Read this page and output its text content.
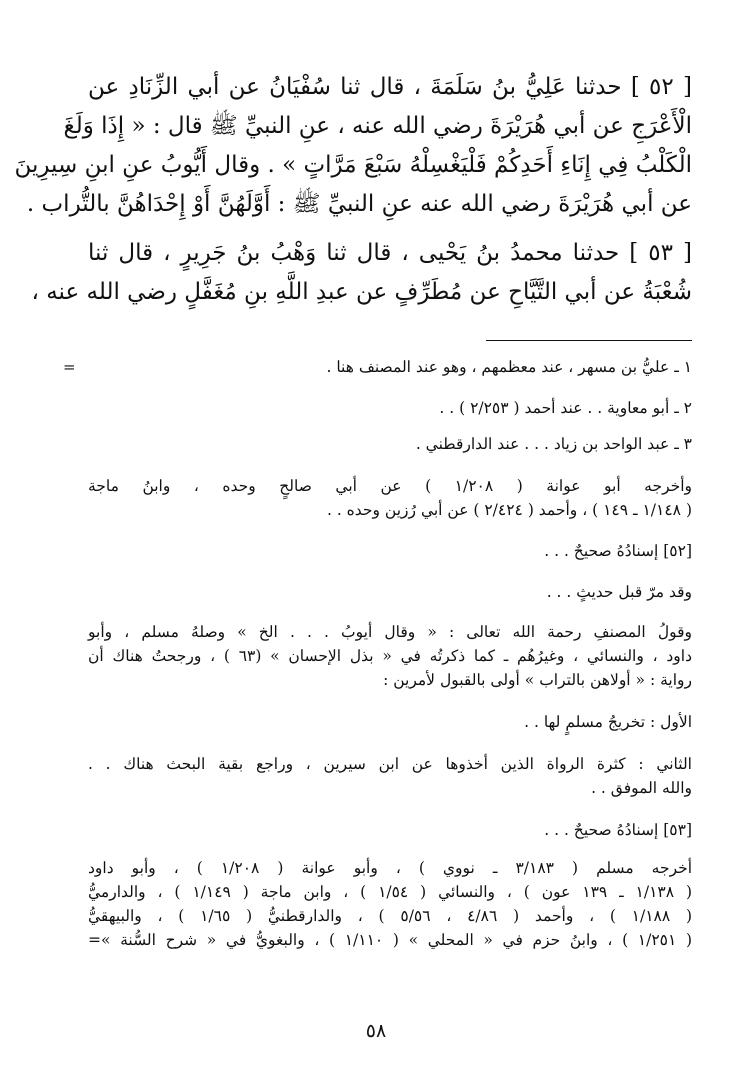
[ ٥٢ ] حدثنا عَلِيُّ بنُ سَلَمَةَ ، قال ثنا سُفْيَانُ عن أبي الزِّنَادِ عن
الْأَعْرَجِ عن أبي هُرَيْرَةَ رضي الله عنه ، عنِ النبيِّ ﷺ قال : « إِذَا وَلَغَ
الْكَلْبُ فِي إِنَاءِ أَحَدِكُمْ فَلْيَغْسِلْهُ سَبْعَ مَرَّاتٍ » . وقال أَيُّوبُ عنِ ابنِ سِيرِينَ
عن أبي هُرَيْرَةَ رضي الله عنه عنِ النبيِّ ﷺ : أَوَّلَهُنَّ أَوْ إِحْدَاهُنَّ بالتُّراب .
[ ٥٣ ] حدثنا محمدُ بنُ يَحْيى ، قال ثنا وَهْبُ بنُ جَرِيرٍ ، قال ثنا
شُعْبَةُ عن أبي التَّيَّاحِ عن مُطَرِّفٍ عن عبدِ اللَّهِ بنِ مُغَفَّلٍ رضي الله عنه ،
=	١ ـ عليُّ بن مسهر ، عند معظمهم ، وهو عند المصنف هنا .
٢ ـ أبو معاوية . . عند أحمد ( ٢/٢٥٣ ) . .
٣ ـ عبد الواحد بن زياد . . . عند الدارقطني .
وأخرجه أبو عوانة ( ١/٢٠٨ ) عن أبي صالحٍ وحده ، وابنُ ماجة
( ١/١٤٨ ـ ١٤٩ ) ، وأحمد ( ٢/٤٢٤ ) عن أبي رُزين وحده . .
[٥٢] إسنادُهُ صحيحٌ . . .
وقد مرّ قبل حديثٍ . . .
وقولُ المصنفِ رحمة الله تعالى : « وقال أيوبُ . . . الخ » وصلهُ مسلم ، وأبو
داود ، والنسائي ، وغيرُهُم ـ كما ذكرتُه في « بذل الإحسان » (٦٣ ) ، ورجحتُ هناك أن
رواية : « أولاهن بالتراب » أولى بالقبول لأمرين :
الأول : تخريجُ مسلمٍ لها . .
الثاني : كثرة الرواة الذين أخذوها عن ابن سيرين ، وراجع بقية البحث هناك . .
والله الموفق . .
[٥٣] إسنادُهُ صحيحٌ . . .
أخرجه مسلم ( ٣/١٨٣ ـ نووي ) ، وأبو عوانة ( ١/٢٠٨ ) ، وأبو داود
( ١/١٣٨ ـ ١٣٩ عون ) ، والنسائي ( ١/٥٤ ) ، وابن ماجة ( ١/١٤٩ ) ، والدارميُّ
( ١/١٨٨ ) ، وأحمد ( ٤/٨٦ ، ٥/٥٦ ) ، والدارقطنيُّ ( ١/٦٥ ) ، والبيهقيُّ
( ١/٢٥١ ) ، وابنُ حزم في « المحلي » ( ١/١١٠ ) ، والبغويُّ في « شرح السُّنة »=
٥٨
